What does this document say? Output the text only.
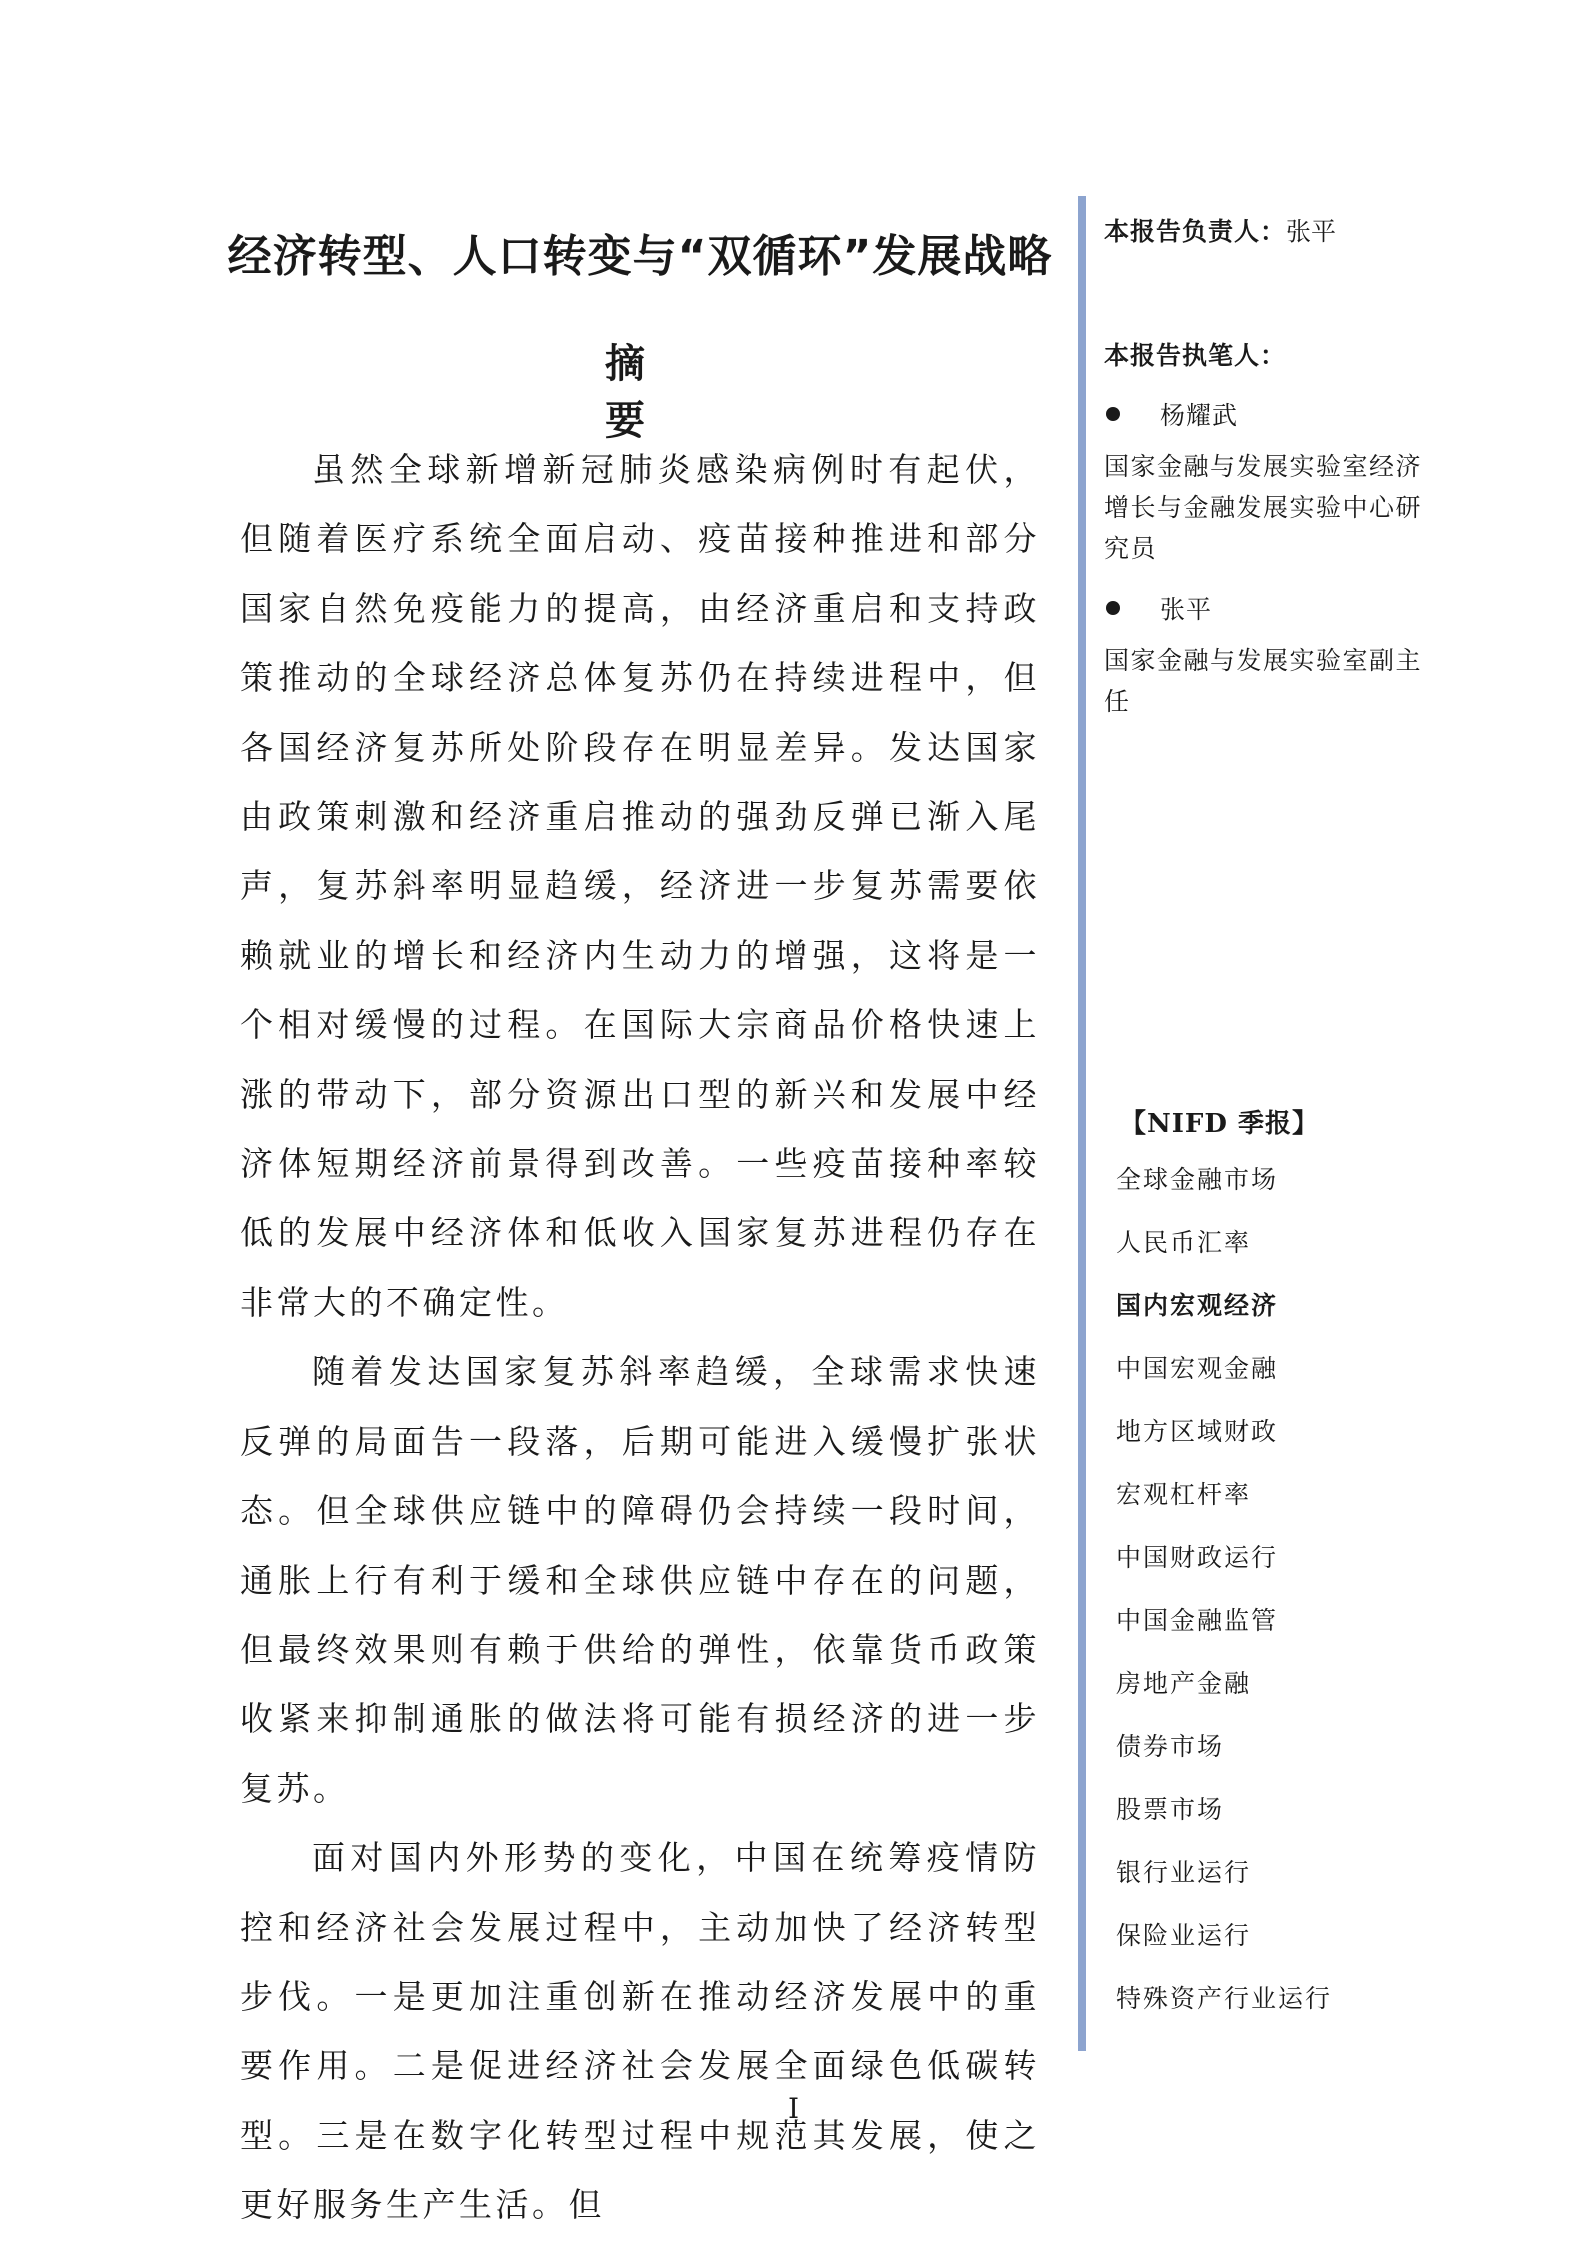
经济转型、人口转变与“双循环”发展战略
摘 要

虽然全球新增新冠肺炎感染病例时有起伏，但随着医疗系统全面启动、疫苗接种推进和部分国家自然免疫能力的提高，由经济重启和支持政策推动的全球经济总体复苏仍在持续进程中，但各国经济复苏所处阶段存在明显差异。发达国家由政策刺激和经济重启推动的强劲反弹已渐入尾声，复苏斜率明显趋缓，经济进一步复苏需要依赖就业的增长和经济内生动力的增强，这将是一个相对缓慢的过程。在国际大宗商品价格快速上涨的带动下，部分资源出口型的新兴和发展中经济体短期经济前景得到改善。一些疫苗接种率较低的发展中经济体和低收入国家复苏进程仍存在非常大的不确定性。

随着发达国家复苏斜率趋缓，全球需求快速反弹的局面告一段落，后期可能进入缓慢扩张状态。但全球供应链中的障碍仍会持续一段时间，通胀上行有利于缓和全球供应链中存在的问题，但最终效果则有赖于供给的弹性，依靠货币政策收紧来抑制通胀的做法将可能有损经济的进一步复苏。

面对国内外形势的变化，中国在统筹疫情防控和经济社会发展过程中，主动加快了经济转型步伐。一是更加注重创新在推动经济发展中的重要作用。二是促进经济社会发展全面绿色低碳转型。三是在数字化转型过程中规范其发展，使之更好服务生产生活。但

本报告负责人：张平
本报告执笔人：
杨耀武
国家金融与发展实验室经济增长与金融发展实验中心研究员
张平
国家金融与发展实验室副主任
【NIFD 季报】
全球金融市场
人民币汇率
国内宏观经济
中国宏观金融
地方区域财政
宏观杠杆率
中国财政运行
中国金融监管
房地产金融
债券市场
股票市场
银行业运行
保险业运行
特殊资产行业运行

I
